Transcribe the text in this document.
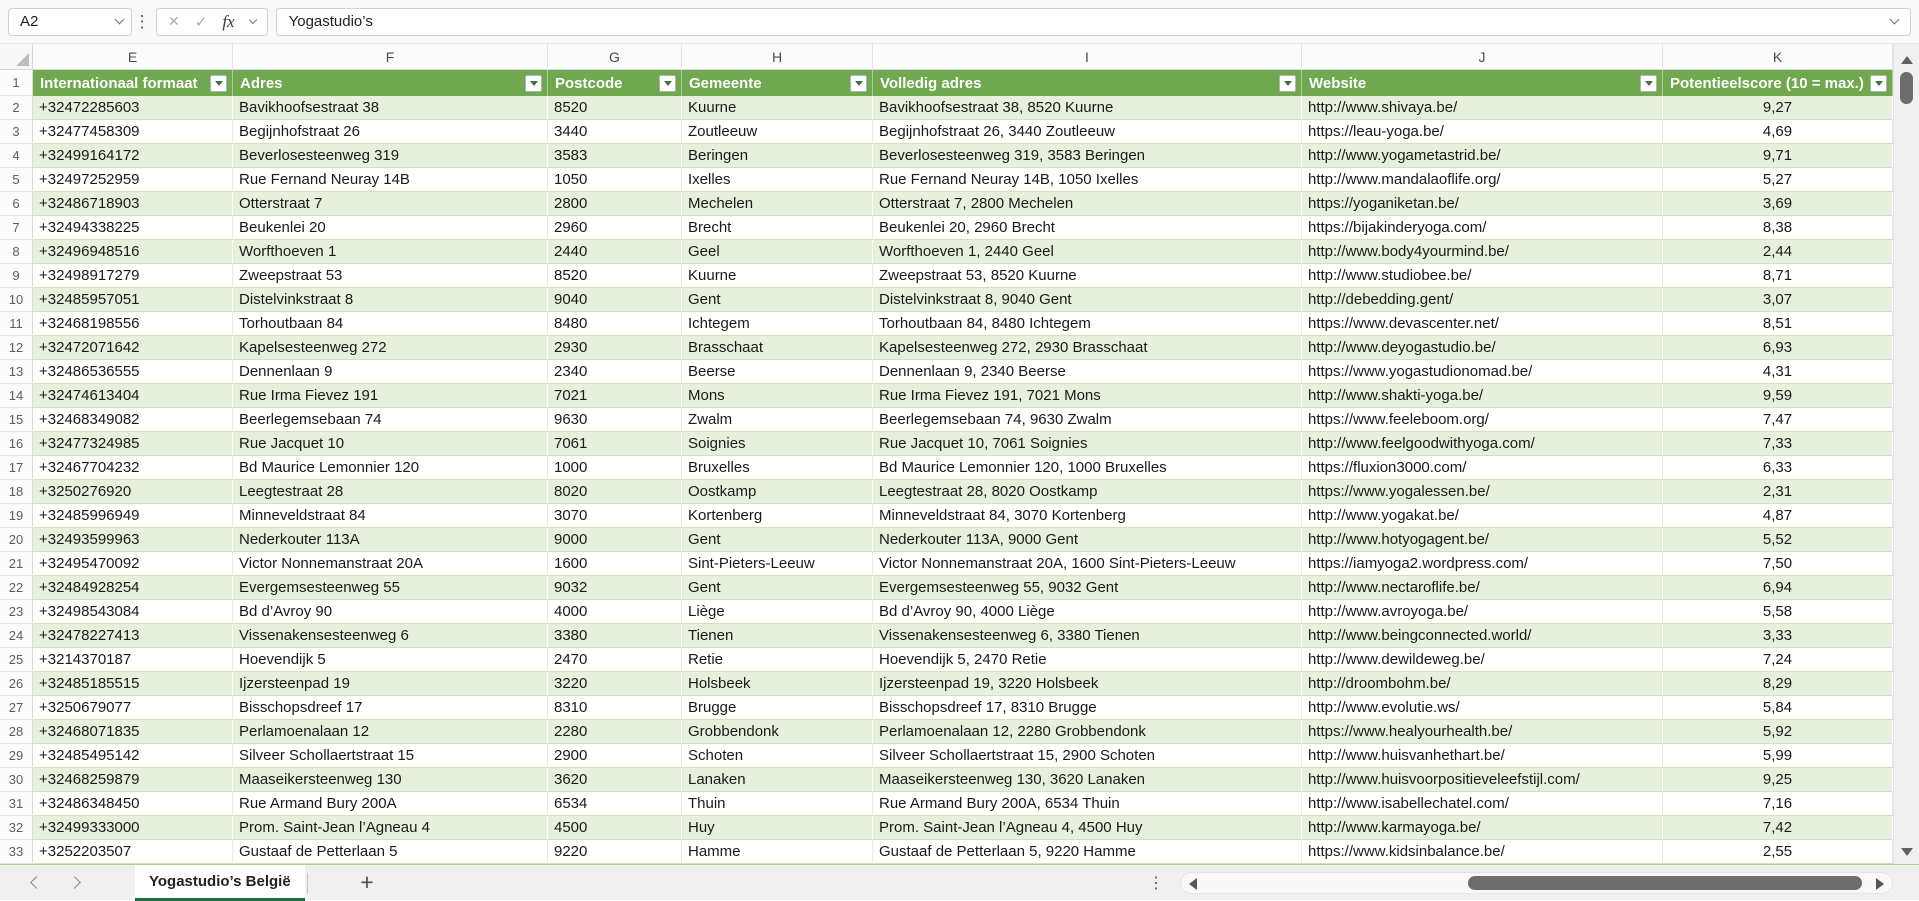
A2 ⋮ ✕ ✓	fx	Yogastudio’s
E	F	G	H	I	J	K
1	Internationaal formaat	Adres	Postcode	Gemeente	Volledig adres	Website	Potentieelscore (10 = max.)
2	+32472285603	Bavikhoofsestraat 38	8520	Kuurne	Bavikhoofsestraat 38, 8520 Kuurne	http://www.shivaya.be/	9,27
3	+32477458309	Begijnhofstraat 26	3440	Zoutleeuw	Begijnhofstraat 26, 3440 Zoutleeuw	https://leau-yoga.be/	4,69
4	+32499164172	Beverlosesteenweg 319	3583	Beringen	Beverlosesteenweg 319, 3583 Beringen	http://www.yogametastrid.be/	9,71
5	+32497252959	Rue Fernand Neuray 14B	1050	Ixelles	Rue Fernand Neuray 14B, 1050 Ixelles	http://www.mandalaoflife.org/	5,27
6	+32486718903	Otterstraat 7	2800	Mechelen	Otterstraat 7, 2800 Mechelen	https://yoganiketan.be/	3,69
7	+32494338225	Beukenlei 20	2960	Brecht	Beukenlei 20, 2960 Brecht	https://bijakinderyoga.com/	8,38
8	+32496948516	Worfthoeven 1	2440	Geel	Worfthoeven 1, 2440 Geel	http://www.body4yourmind.be/	2,44
9	+32498917279	Zweepstraat 53	8520	Kuurne	Zweepstraat 53, 8520 Kuurne	http://www.studiobee.be/	8,71
10	+32485957051	Distelvinkstraat 8	9040	Gent	Distelvinkstraat 8, 9040 Gent	http://debedding.gent/	3,07
11	+32468198556	Torhoutbaan 84	8480	Ichtegem	Torhoutbaan 84, 8480 Ichtegem	https://www.devascenter.net/	8,51
12	+32472071642	Kapelsesteenweg 272	2930	Brasschaat	Kapelsesteenweg 272, 2930 Brasschaat	http://www.deyogastudio.be/	6,93
13	+32486536555	Dennenlaan 9	2340	Beerse	Dennenlaan 9, 2340 Beerse	https://www.yogastudionomad.be/	4,31
14	+32474613404	Rue Irma Fievez 191	7021	Mons	Rue Irma Fievez 191, 7021 Mons	http://www.shakti-yoga.be/	9,59
15	+32468349082	Beerlegemsebaan 74	9630	Zwalm	Beerlegemsebaan 74, 9630 Zwalm	https://www.feeleboom.org/	7,47
16	+32477324985	Rue Jacquet 10	7061	Soignies	Rue Jacquet 10, 7061 Soignies	http://www.feelgoodwithyoga.com/	7,33
17	+32467704232	Bd Maurice Lemonnier 120	1000	Bruxelles	Bd Maurice Lemonnier 120, 1000 Bruxelles	https://fluxion3000.com/	6,33
18	+3250276920	Leegtestraat 28	8020	Oostkamp	Leegtestraat 28, 8020 Oostkamp	https://www.yogalessen.be/	2,31
19	+32485996949	Minneveldstraat 84	3070	Kortenberg	Minneveldstraat 84, 3070 Kortenberg	http://www.yogakat.be/	4,87
20	+32493599963	Nederkouter 113A	9000	Gent	Nederkouter 113A, 9000 Gent	http://www.hotyogagent.be/	5,52
21	+32495470092	Victor Nonnemanstraat 20A	1600	Sint-Pieters-Leeuw	Victor Nonnemanstraat 20A, 1600 Sint-Pieters-Leeuw	https://iamyoga2.wordpress.com/	7,50
22	+32484928254	Evergemsesteenweg 55	9032	Gent	Evergemsesteenweg 55, 9032 Gent	http://www.nectaroflife.be/	6,94
23	+32498543084	Bd d’Avroy 90	4000	Liège	Bd d’Avroy 90, 4000 Liège	http://www.avroyoga.be/	5,58
24	+32478227413	Vissenakensesteenweg 6	3380	Tienen	Vissenakensesteenweg 6, 3380 Tienen	http://www.beingconnected.world/	3,33
25	+3214370187	Hoevendijk 5	2470	Retie	Hoevendijk 5, 2470 Retie	http://www.dewildeweg.be/	7,24
26	+32485185515	Ijzersteenpad 19	3220	Holsbeek	Ijzersteenpad 19, 3220 Holsbeek	http://droombohm.be/	8,29
27	+3250679077	Bisschopsdreef 17	8310	Brugge	Bisschopsdreef 17, 8310 Brugge	http://www.evolutie.ws/	5,84
28	+32468071835	Perlamoenalaan 12	2280	Grobbendonk	Perlamoenalaan 12, 2280 Grobbendonk	https://www.healyourhealth.be/	5,92
29	+32485495142	Silveer Schollaertstraat 15	2900	Schoten	Silveer Schollaertstraat 15, 2900 Schoten	http://www.huisvanhethart.be/	5,99
30	+32468259879	Maaseikersteenweg 130	3620	Lanaken	Maaseikersteenweg 130, 3620 Lanaken	http://www.huisvoorpositieveleefstijl.com/	9,25
31	+32486348450	Rue Armand Bury 200A	6534	Thuin	Rue Armand Bury 200A, 6534 Thuin	http://www.isabellechatel.com/	7,16
32	+32499333000	Prom. Saint-Jean l’Agneau 4	4500	Huy	Prom. Saint-Jean l’Agneau 4, 4500 Huy	http://www.karmayoga.be/	7,42
33	+3252203507	Gustaaf de Petterlaan 5	9220	Hamme	Gustaaf de Petterlaan 5, 9220 Hamme	https://www.kidsinbalance.be/	2,55
Yogastudio’s België	+
⋮
